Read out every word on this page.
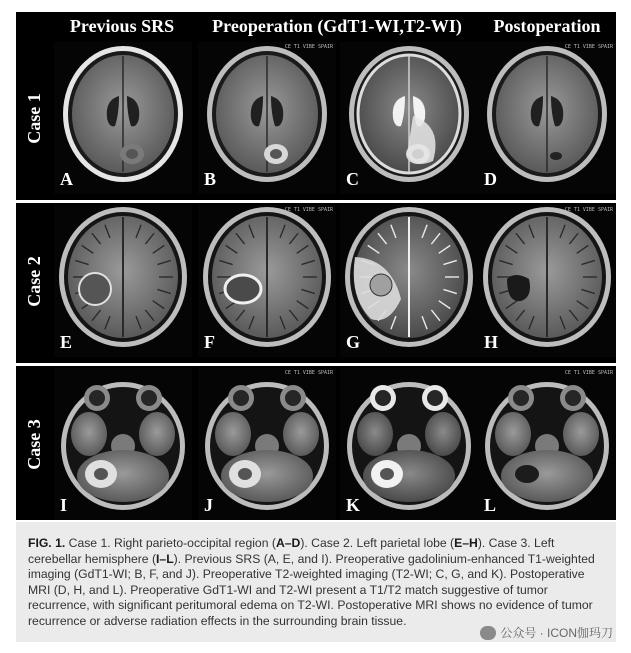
Previous SRS	Preoperation (GdT1-WI,T2-WI)	Postoperation
Case 1
Case 2
Case 3
A
CE T1 VIBE SPAIR
B	C
CE T1 VIBE SPAIR
D
E
CE T1 VIBE SPAIR
F	G
CE T1 VIBE SPAIR
H
I
CE T1 VIBE SPAIR
J	K
CE T1 VIBE SPAIR
L
FIG. 1. Case 1. Right parieto-occipital region (A–D). Case 2. Left parietal lobe (E–H). Case 3. Left cerebellar hemisphere (I–L). Previous SRS (A, E, and I). Preoperative gadolinium-enhanced T1-weighted imaging (GdT1-WI; B, F, and J). Preoperative T2-weighted imaging (T2-WI; C, G, and K). Postoperative MRI (D, H, and L). Preoperative GdT1-WI and T2-WI present a T1/T2 match suggestive of tumor recurrence, with significant peritumoral edema on T2-WI. Postoperative MRI shows no evidence of tumor recurrence or adverse radiation effects in the surrounding brain tissue.
公众号 · ICON伽玛刀
